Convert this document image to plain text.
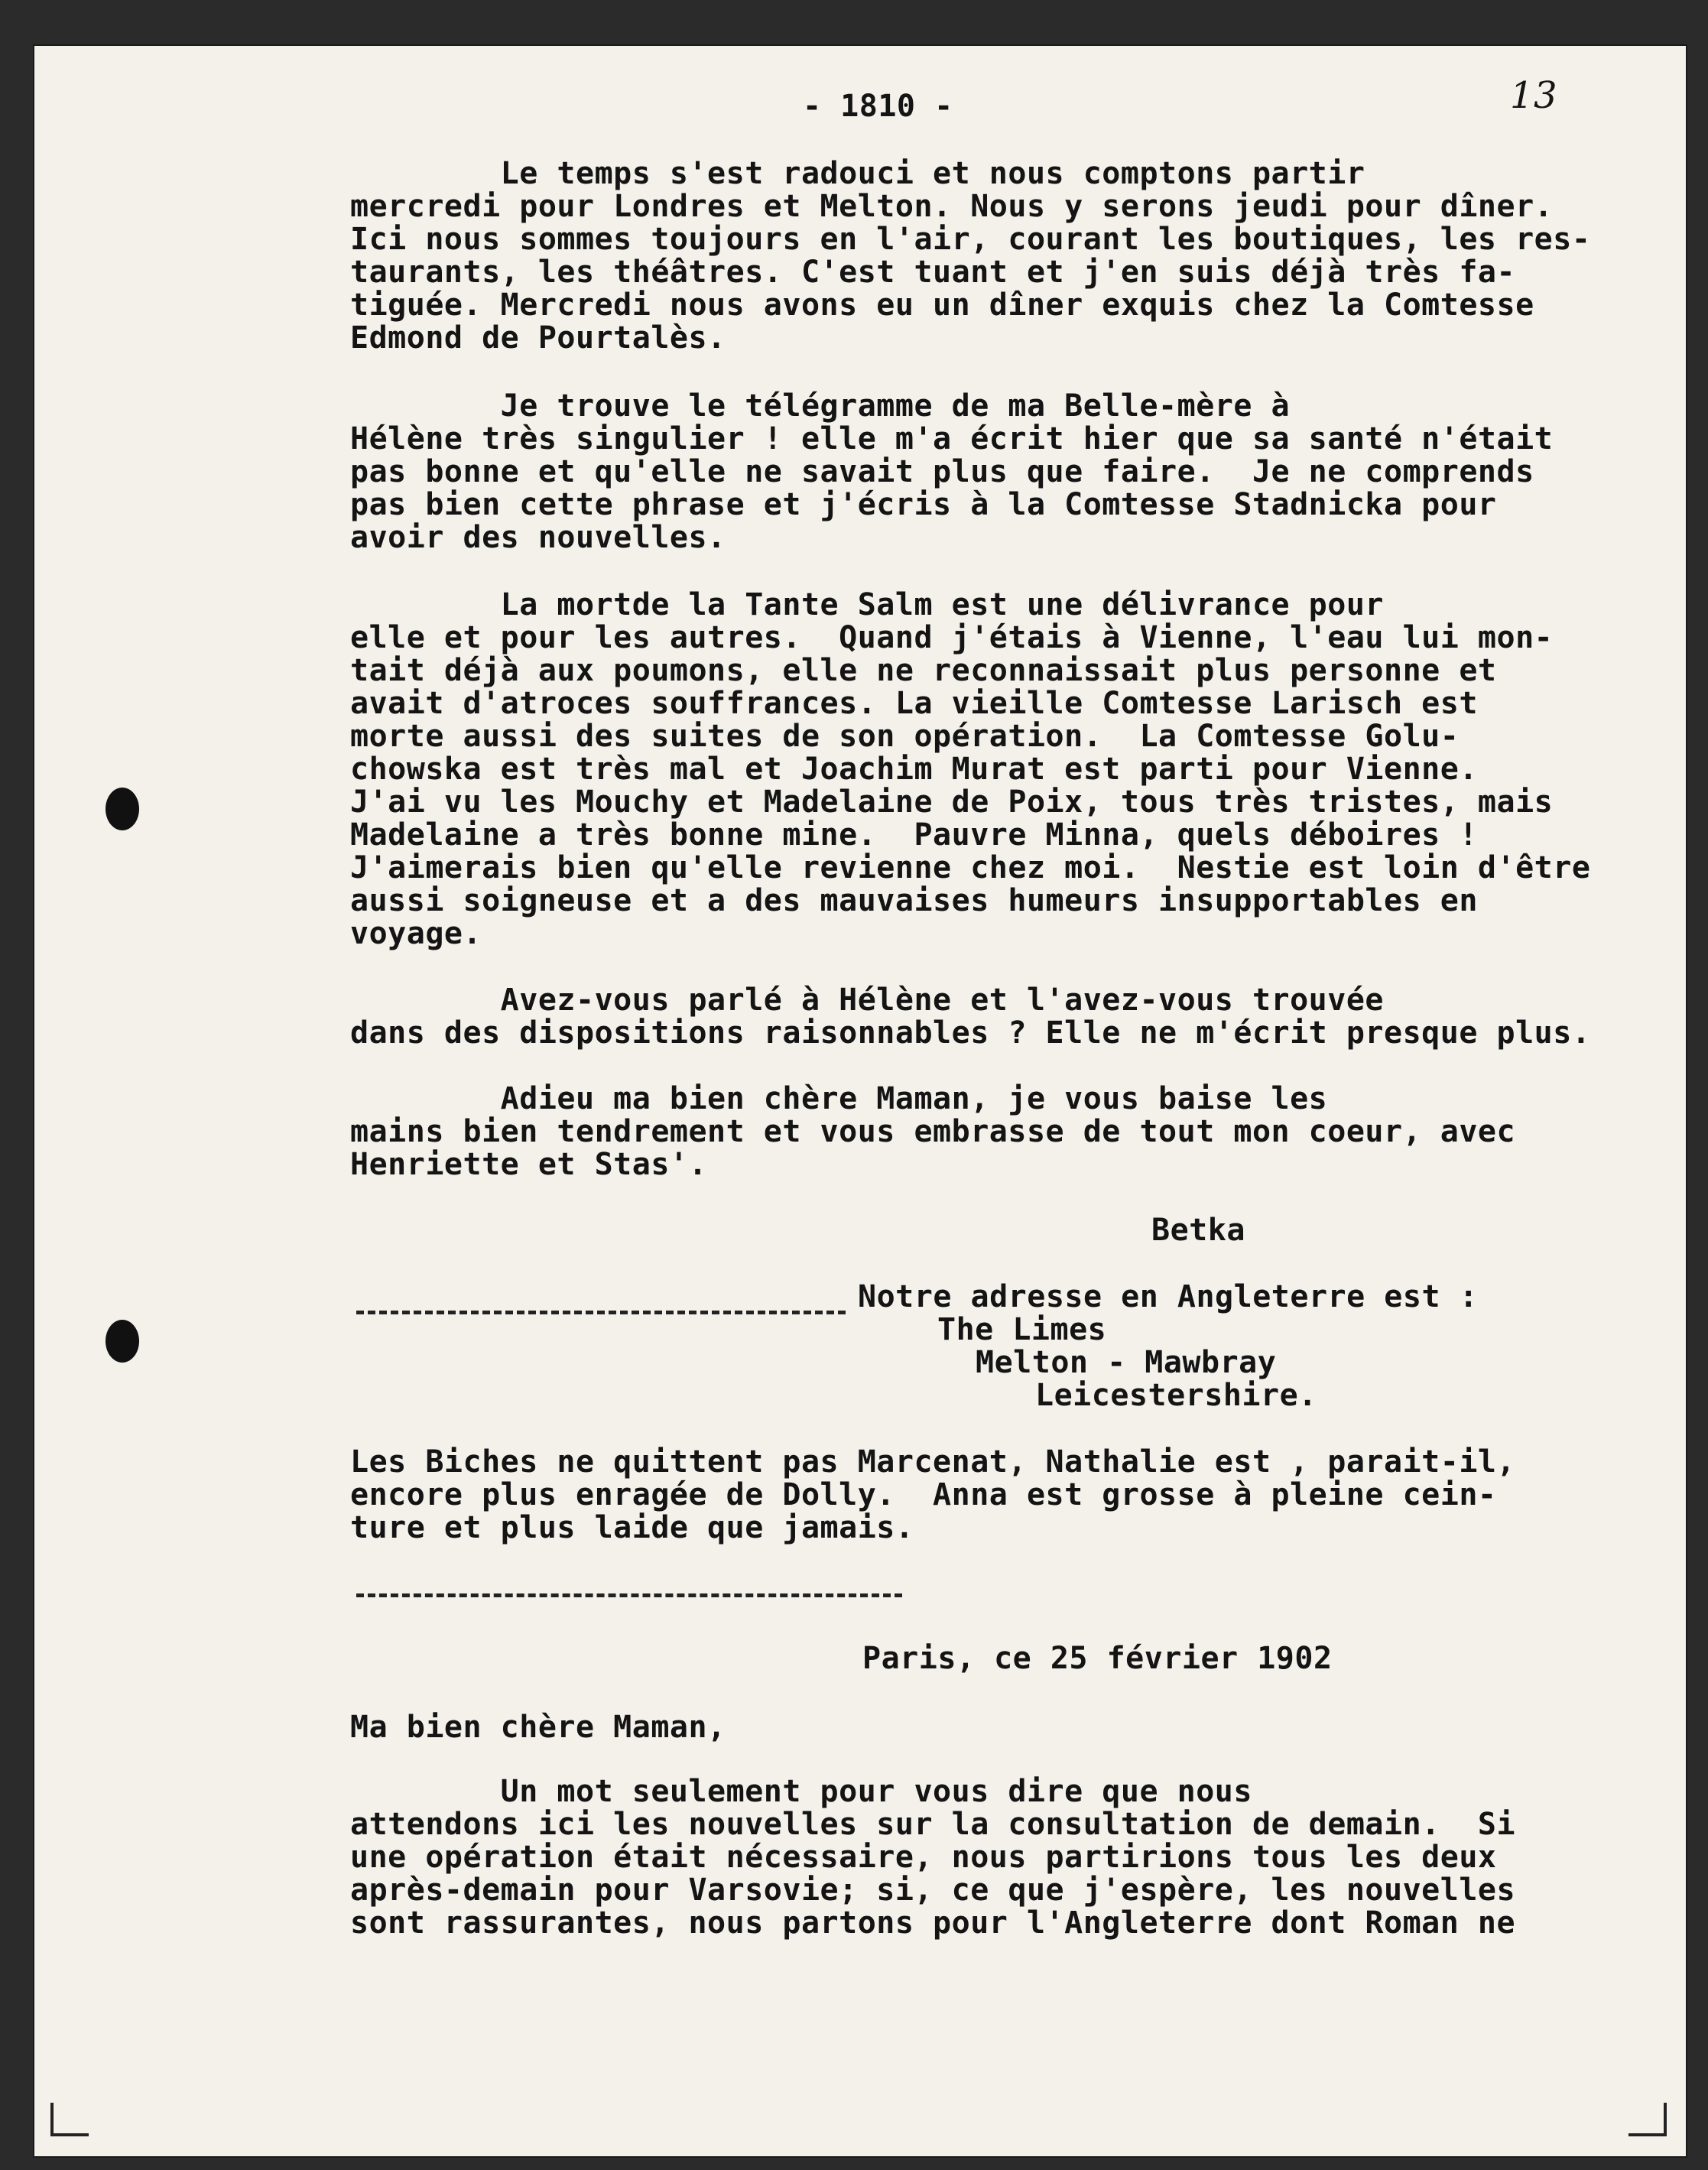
- 1810 -	13
Le temps s'est radouci et nous comptons partir
mercredi pour Londres et Melton. Nous y serons jeudi pour dîner.
Ici nous sommes toujours en l'air, courant les boutiques, les res-
taurants, les théâtres. C'est tuant et j'en suis déjà très fa-
tiguée. Mercredi nous avons eu un dîner exquis chez la Comtesse
Edmond de Pourtalès.
Je trouve le télégramme de ma Belle-mère à
Hélène très singulier ! elle m'a écrit hier que sa santé n'était
pas bonne et qu'elle ne savait plus que faire.  Je ne comprends
pas bien cette phrase et j'écris à la Comtesse Stadnicka pour
avoir des nouvelles.
La mortde la Tante Salm est une délivrance pour
elle et pour les autres.  Quand j'étais à Vienne, l'eau lui mon-
tait déjà aux poumons, elle ne reconnaissait plus personne et
avait d'atroces souffrances. La vieille Comtesse Larisch est
morte aussi des suites de son opération.  La Comtesse Golu-
chowska est très mal et Joachim Murat est parti pour Vienne.
J'ai vu les Mouchy et Madelaine de Poix, tous très tristes, mais
Madelaine a très bonne mine.  Pauvre Minna, quels déboires !
J'aimerais bien qu'elle revienne chez moi.  Nestie est loin d'être
aussi soigneuse et a des mauvaises humeurs insupportables en
voyage.
Avez-vous parlé à Hélène et l'avez-vous trouvée
dans des dispositions raisonnables ? Elle ne m'écrit presque plus.
Adieu ma bien chère Maman, je vous baise les
mains bien tendrement et vous embrasse de tout mon coeur, avec
Henriette et Stas'.
Betka
Notre adresse en Angleterre est :
The Limes
Melton - Mawbray
Leicestershire.
Les Biches ne quittent pas Marcenat, Nathalie est , parait-il,
encore plus enragée de Dolly.  Anna est grosse à pleine cein-
ture et plus laide que jamais.
Paris, ce 25 février 1902
Ma bien chère Maman,
Un mot seulement pour vous dire que nous
attendons ici les nouvelles sur la consultation de demain.  Si
une opération était nécessaire, nous partirions tous les deux
après-demain pour Varsovie; si, ce que j'espère, les nouvelles
sont rassurantes, nous partons pour l'Angleterre dont Roman ne
